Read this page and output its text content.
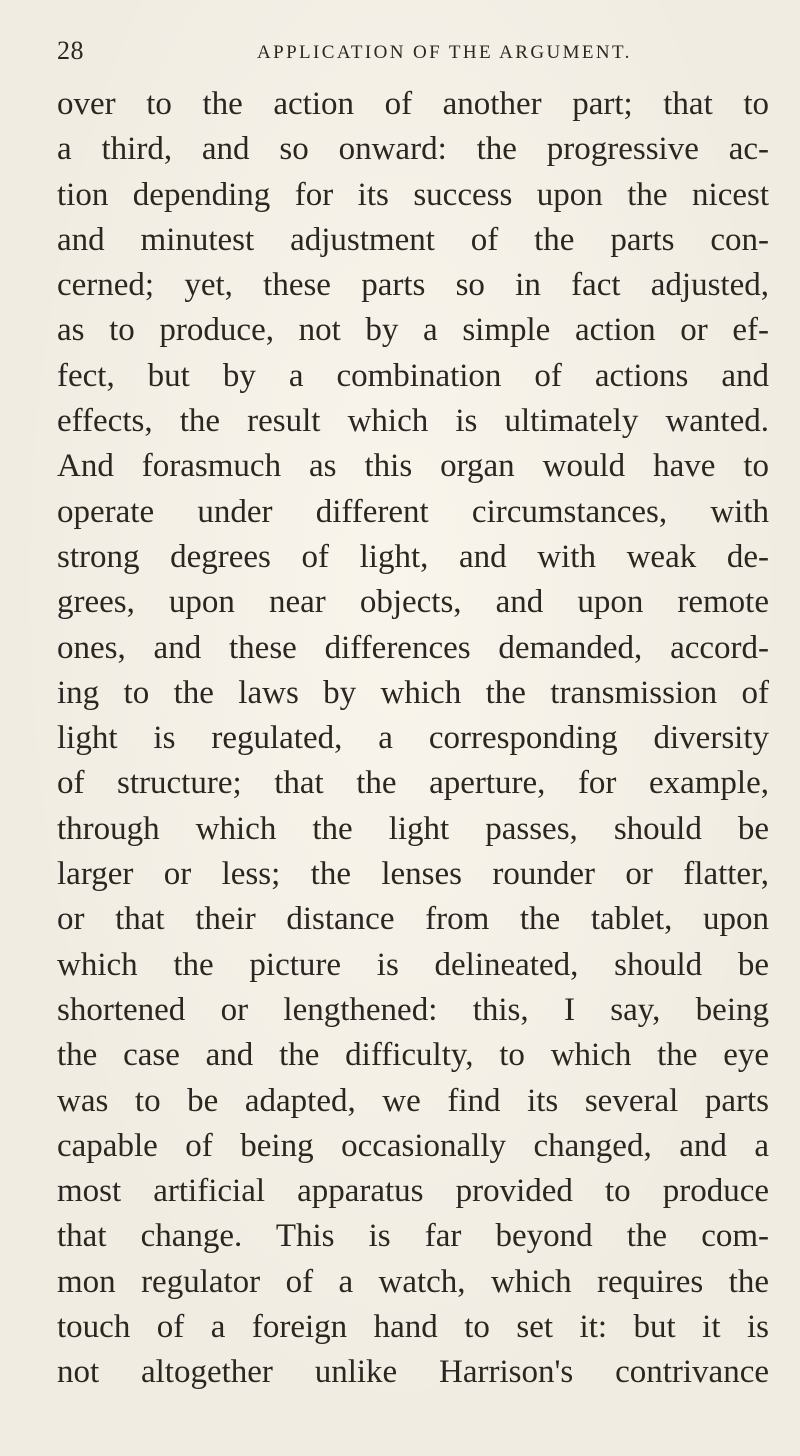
28	APPLICATION OF THE ARGUMENT.
over to the action of another part; that to
a third, and so onward: the progressive ac-
tion depending for its success upon the nicest
and minutest adjustment of the parts con-
cerned; yet, these parts so in fact adjusted,
as to produce, not by a simple action or ef-
fect, but by a combination of actions and
effects, the result which is ultimately wanted.
And forasmuch as this organ would have to
operate under different circumstances, with
strong degrees of light, and with weak de-
grees, upon near objects, and upon remote
ones, and these differences demanded, accord-
ing to the laws by which the transmission of
light is regulated, a corresponding diversity
of structure; that the aperture, for example,
through which the light passes, should be
larger or less; the lenses rounder or flatter,
or that their distance from the tablet, upon
which the picture is delineated, should be
shortened or lengthened: this, I say, being
the case and the difficulty, to which the eye
was to be adapted, we find its several parts
capable of being occasionally changed, and a
most artificial apparatus provided to produce
that change. This is far beyond the com-
mon regulator of a watch, which requires the
touch of a foreign hand to set it: but it is
not altogether unlike Harrison's contrivance
